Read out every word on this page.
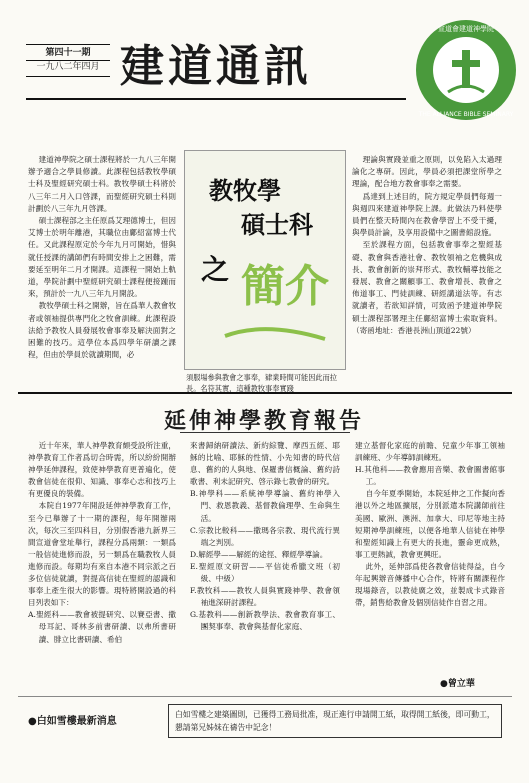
第四十一期
一九八二年四月 建道通訊
宣道會建道神學院
THE ALLIANCE BIBLE SEMINARY

建道神學院之碩士課程將於一九八三年開辦予適合之學員修讀。此課程包括教牧學碩士科及聖經研究碩士科。教牧學碩士科將於八三年二月入口啓課，而聖經研究碩士科則計劃於八三年九月啓課。

碩士課程部之主任原爲艾理德博士，但因艾博士於明年離港，其職位由鄺紹富博士代任。又此課程原定於今年九月可開始，惜與就任授課的講師們有時間安排上之困難，需要延至明年二月才開課。這課程一開始上軌道，學院計劃中聖經研究碩士課程便接踵而來，預計於一九八三年九月開設。

教牧學碩士科之開辦，旨在爲華人教會牧者或領袖提供專門化之牧會訓練。此課程設法給予教牧人員發展牧會事奉及解決面對之困難的技巧。這學位本爲四學年研讀之課程，但由於學員於就讀期間，必

教牧學
碩士科
之 簡介
須服場參與教會之事奉，肄業時間可能因此而拉長。名符其實，這種教牧事奉實踐

理論與實踐並重之原則，以免陷入太過理論化之專研。因此，學員必須把課堂所學之理論，配合地方教會事奉之需要。

爲達到上述目的，院方規定學員們每週一與週四來建道神學院上課。此做法乃料使學員們在整天時間內在教會學習上不受干擾，與學員計論，及享用設備中之圖書館設施。

至於課程方面，包括教會事奉之聖經基礎、教會與香港社會、教牧領袖之危機與成長、教會創新的崇拜形式、教牧輔導技能之發展、教會之關顧事工、教會增長、教會之佈道事工、門徒訓練、研經講道法等。有志就讀者，若欲知詳情，可致函予建道神學院碩士課程部署理主任鄺紹富博士索取資料。（寄函地址：香港長洲山頂道22號）

延伸神學教育報告

近十年來，華人神學教育頗受設所注重，神學教育工作者爲切合時需，所以紛紛開辦神學延伸課程，致使神學教育更普遍化，使教會信徒在很仰、知識、事奉心志和技巧上有更優良的裝備。

本院自1977年開設延伸神學教育工作，至今已舉辦了十一期的課程，每年開辦兩次，每次三至四科目，分別假香港九新界三間宣道會堂址舉行，課程分爲兩類：一類爲一般信徒進修而設，另一類爲在職教牧人員進修而設。每期均有來自本港不同宗派之百多位信徒就讀，對提高信徒在聖經的認識和事奉上產生很大的影響。現特將開設過的科目列表如下：

A.聖經科——教會被提研究、以賽亞書、撒母耳記、哥林多前書研讀、以弗所書研讀、腓立比書研讀、希伯

來書歸納研讀法、新約綜覽、摩西五經、耶穌的比喻、耶穌的性情、小先知書的時代信息、舊約的人與地、保羅書信概論、舊約詩歌書、利未記研究、啓示錄七教會的研究。

B.神學科——系統神學導論、舊約神學入門、救恩教義、基督教倫理學、生命與生活。

C.宗教比較科——撒瑪各宗教、現代流行異端之判別。

D.解經學——解經的途徑、釋經學導論。

E.聖經原文研習——平信徒希臘文班（初級、中級）

F.教牧科——教牧人員與實踐神學、教會領袖進深研討課程。

G.基教科——創新教學法、教會教育事工、團契事奉、教會與基督化家庭、

建立基督化家庭的前瞻、兒童少年事工領袖訓練班、少年導師訓練班。

H.其他科——教會應用音樂、教會圖書館事工。

自今年夏季開始，本院延伸之工作擬向香港以外之地區擴展，分別派遣本院講師前往美國、歐洲、澳洲、加拿大、印尼等地主持短期神學訓練班，以便各地華人信徒在神學和聖經知識上有更大的長進，靈命更成熟，事工更熱誠，教會更興旺。

此外，延伸部爲使各教會信徒得益，自今年起興辦音傳播中心合作，特將有關課程作現場錄音，以教徒廣之效，並製成卡式錄音帶，銷售給教會及個別信徒作自習之用。

●曾立華
●白如雪樓最新消息
白如雪樓之建築圖則，已獲得工務局批准，現正進行申請開工紙，取得開工紙後，即可動工，懇請第兄姊妹在禱告中記念！
